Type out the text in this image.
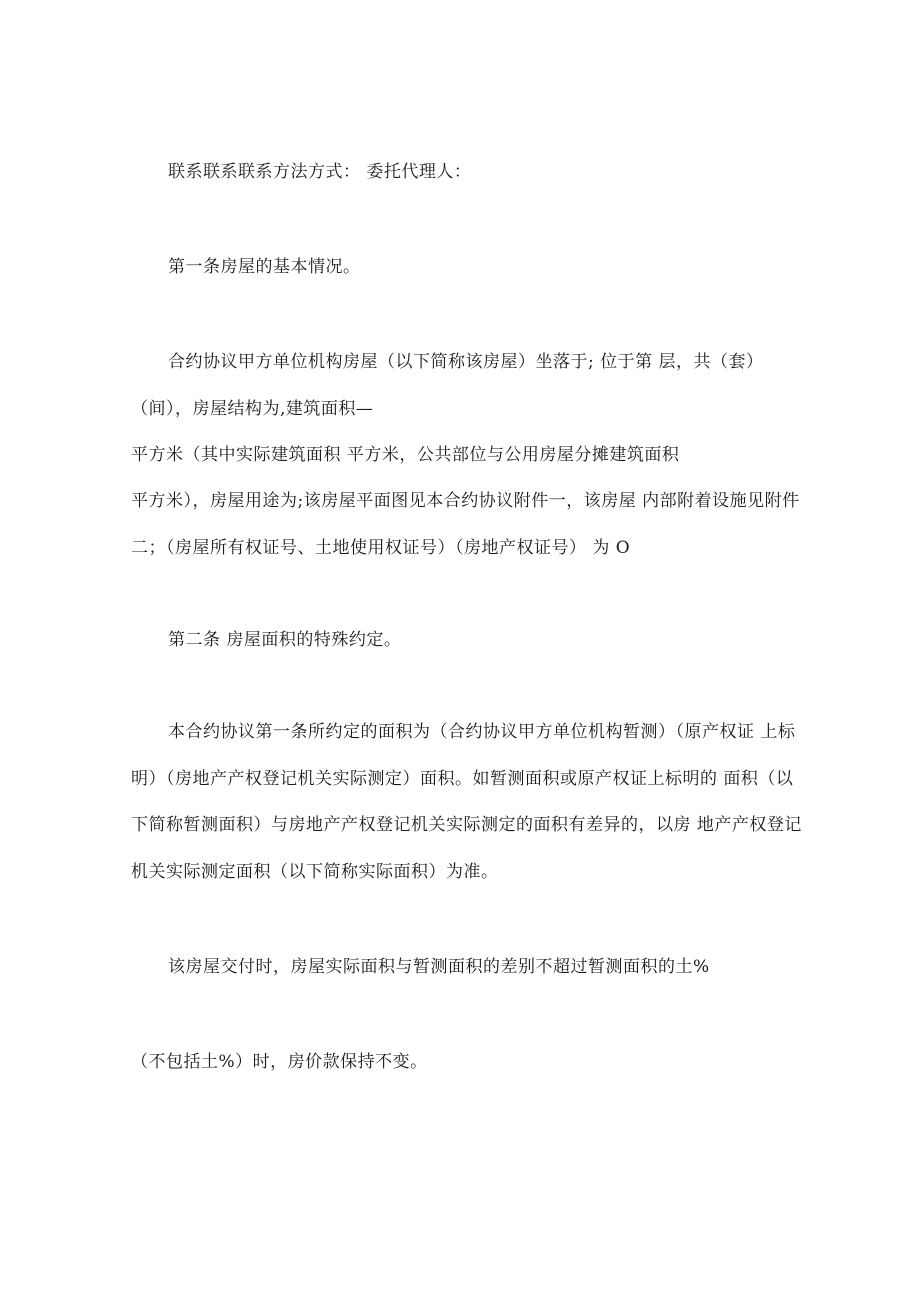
联系联系联系方法方式： 委托代理人：
第一条房屋的基本情况。
合约协议甲方单位机构房屋（以下简称该房屋）坐落于; 位于第 层，共（套）
（间），房屋结构为,建筑面积—
平方米（其中实际建筑面积 平方米，公共部位与公用房屋分摊建筑面积
平方米），房屋用途为;该房屋平面图见本合约协议附件一，该房屋 内部附着设施见附件
二；（房屋所有权证号、土地使用权证号）（房地产权证号） 为 O
第二条 房屋面积的特殊约定。
本合约协议第一条所约定的面积为（合约协议甲方单位机构暂测）（原产权证 上标
明）（房地产产权登记机关实际测定）面积。如暂测面积或原产权证上标明的 面积（以
下简称暂测面积）与房地产产权登记机关实际测定的面积有差异的，以房 地产产权登记
机关实际测定面积（以下简称实际面积）为准。
该房屋交付时，房屋实际面积与暂测面积的差别不超过暂测面积的土%
（不包括土%）时，房价款保持不变。
